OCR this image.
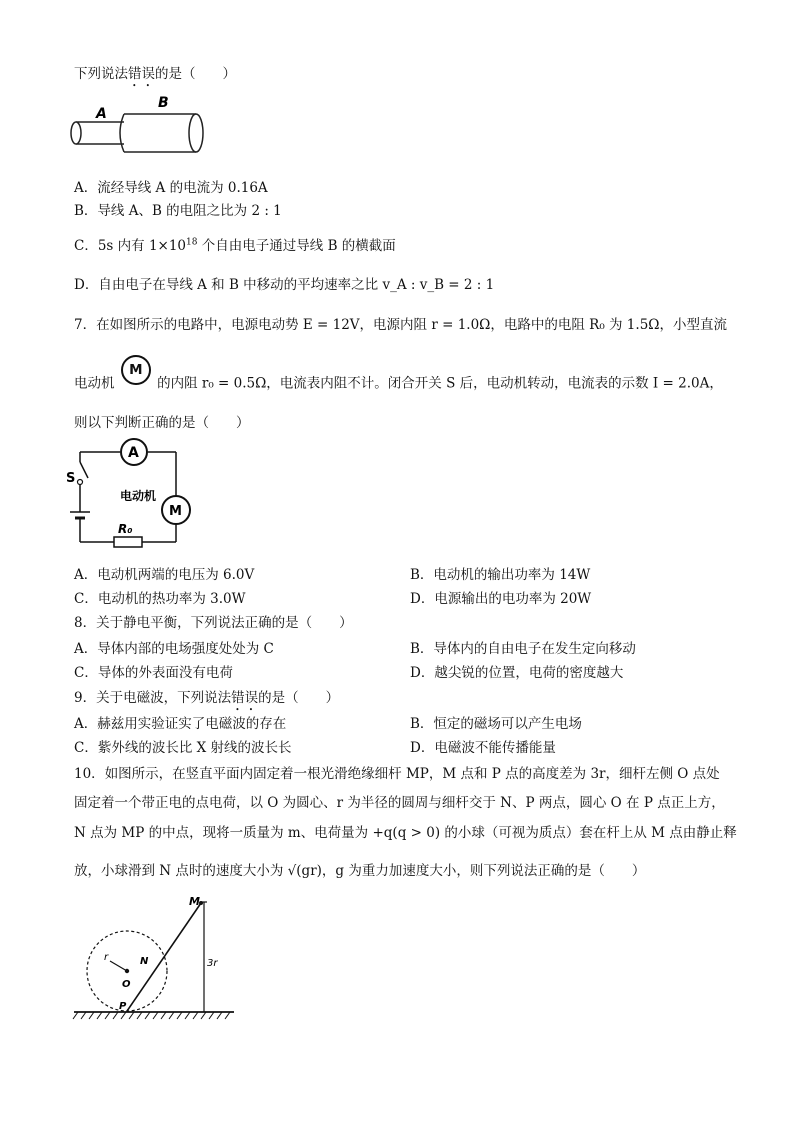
下列说法错误的是（　　）
A
B
A．流经导线 A 的电流为 0.16A
B．导线 A、B 的电阻之比为 2 : 1
C．5s 内有 $1\times 10^{18}$ 个自由电子通过导线 B 的横截面
D．自由电子在导线 A 和 B 中移动的平均速率之比 v_A : v_B = 2 : 1
7．在如图所示的电路中，电源电动势 E = 12V，电源内阻 r = 1.0Ω，电路中的电阻 R₀ 为 1.5Ω，小型直流
电动机 M 的内阻 r₀ = 0.5Ω，电流表内阻不计。闭合开关 S 后，电动机转动，电流表的示数 I = 2.0A，
则以下判断正确的是（　　）
A
M
电动机
R₀
S
A．电动机两端的电压为 6.0V	B．电动机的输出功率为 14W
C．电动机的热功率为 3.0W	D．电源输出的电功率为 20W
8．关于静电平衡，下列说法正确的是（　　）
A．导体内部的电场强度处处为 C	B．导体内的自由电子在发生定向移动
C．导体的外表面没有电荷	D．越尖锐的位置，电荷的密度越大
9．关于电磁波，下列说法错误的是（　　）
A．赫兹用实验证实了电磁波的存在	B．恒定的磁场可以产生电场
C．紫外线的波长比 X 射线的波长长	D．电磁波不能传播能量
10．如图所示，在竖直平面内固定着一根光滑绝缘细杆 MP，M 点和 P 点的高度差为 3r，细杆左侧 O 点处
固定着一个带正电的点电荷，以 O 为圆心、r 为半径的圆周与细杆交于 N、P 两点，圆心 O 在 P 点正上方，
N 点为 MP 的中点，现将一质量为 m、电荷量为 +q(q > 0) 的小球（可视为质点）套在杆上从 M 点由静止释
放，小球滑到 N 点时的速度大小为 √(gr)，g 为重力加速度大小，则下列说法正确的是（　　）
M
N
P
O
r
3r
